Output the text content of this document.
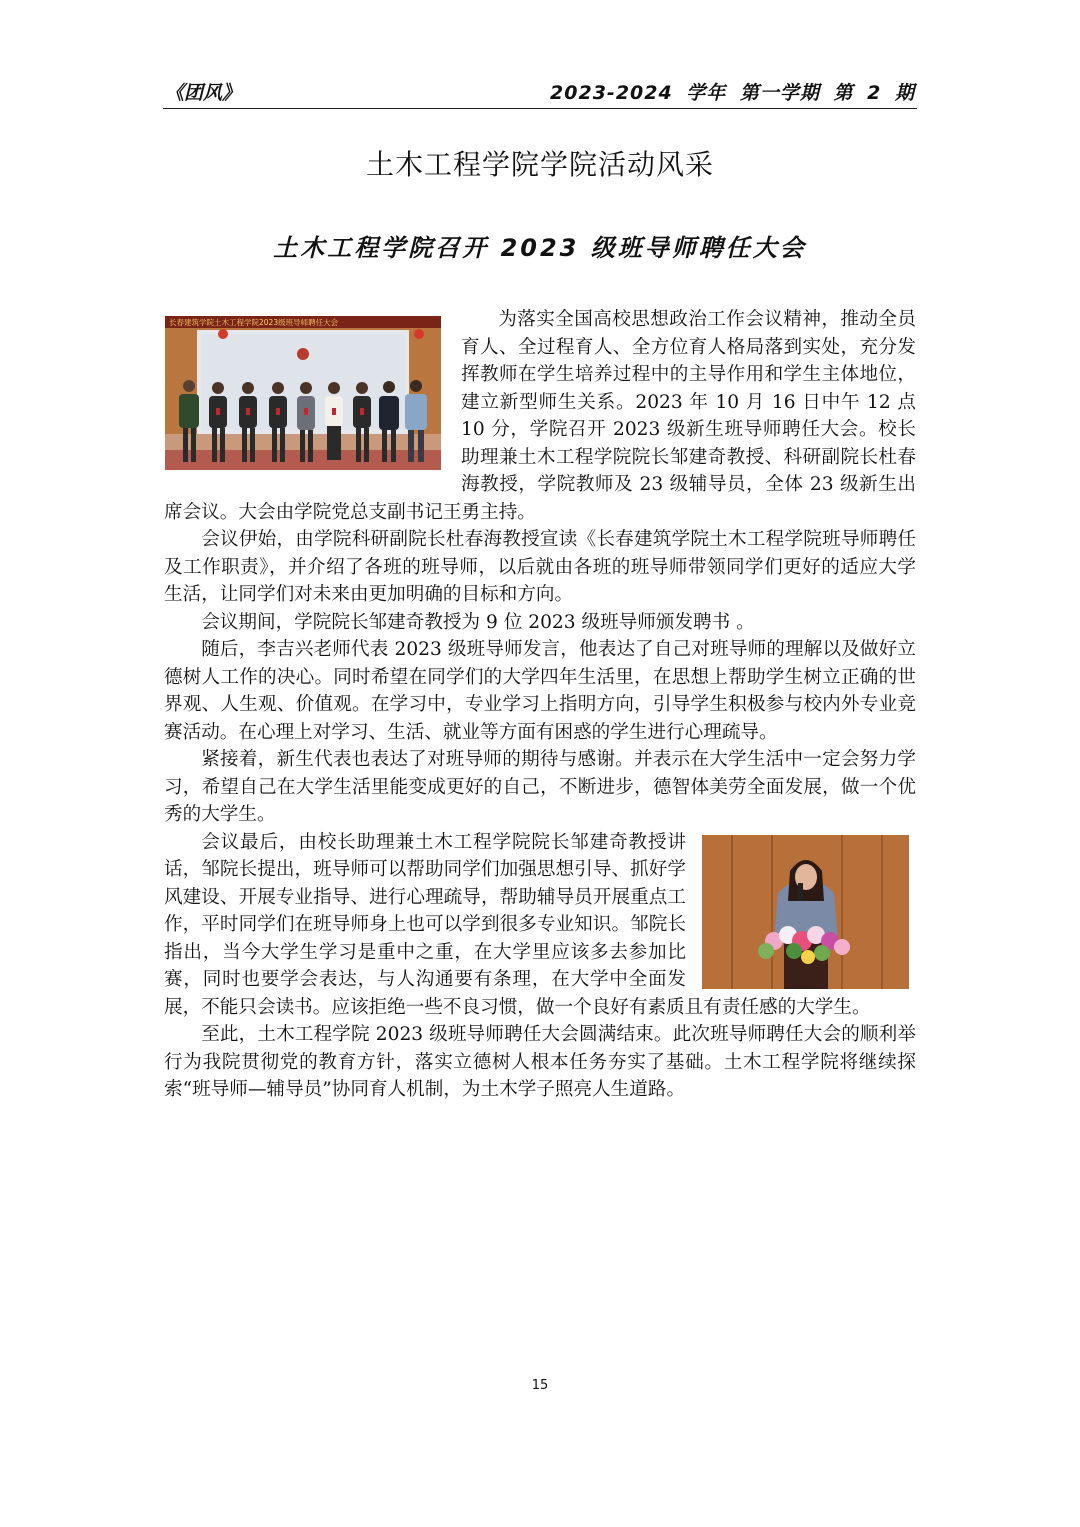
《团风》	2023-2024 学年 第一学期 第 2 期
土木工程学院学院活动风采
土木工程学院召开 2023 级班导师聘任大会
长春建筑学院土木工程学院2023级班导师聘任大会	为落实全国高校思想政治工作会议精神，推动全员育人、全过程育人、全方位育人格局落到实处，充分发挥教师在学生培养过程中的主导作用和学生主体地位，建立新型师生关系。2023 年 10 月 16 日中午 12 点 10 分，学院召开 2023 级新生班导师聘任大会。校长助理兼土木工程学院院长邹建奇教授、科研副院长杜春海教授，学院教师及 23 级辅导员，全体 23 级新生出席会议。大会由学院党总支副书记王勇主持。

会议伊始，由学院科研副院长杜春海教授宣读《长春建筑学院土木工程学院班导师聘任及工作职责》，并介绍了各班的班导师，以后就由各班的班导师带领同学们更好的适应大学生活，让同学们对未来由更加明确的目标和方向。

会议期间，学院院长邹建奇教授为 9 位 2023 级班导师颁发聘书 。

随后，李吉兴老师代表 2023 级班导师发言，他表达了自己对班导师的理解以及做好立德树人工作的决心。同时希望在同学们的大学四年生活里，在思想上帮助学生树立正确的世界观、人生观、价值观。在学习中，专业学习上指明方向，引导学生积极参与校内外专业竞赛活动。在心理上对学习、生活、就业等方面有困惑的学生进行心理疏导。

紧接着，新生代表也表达了对班导师的期待与感谢。并表示在大学生活中一定会努力学习，希望自己在大学生活里能变成更好的自己，不断进步，德智体美劳全面发展，做一个优秀的大学生。

会议最后，由校长助理兼土木工程学院院长邹建奇教授讲话，邹院长提出，班导师可以帮助同学们加强思想引导、抓好学风建设、开展专业指导、进行心理疏导，帮助辅导员开展重点工作，平时同学们在班导师身上也可以学到很多专业知识。邹院长指出，当今大学生学习是重中之重，在大学里应该多去参加比赛，同时也要学会表达，与人沟通要有条理，在大学中全面发展，不能只会读书。应该拒绝一些不良习惯，做一个良好有素质且有责任感的大学生。

至此，土木工程学院 2023 级班导师聘任大会圆满结束。此次班导师聘任大会的顺利举行为我院贯彻党的教育方针，落实立德树人根本任务夯实了基础。土木工程学院将继续探索“班导师—辅导员”协同育人机制，为土木学子照亮人生道路。

15
